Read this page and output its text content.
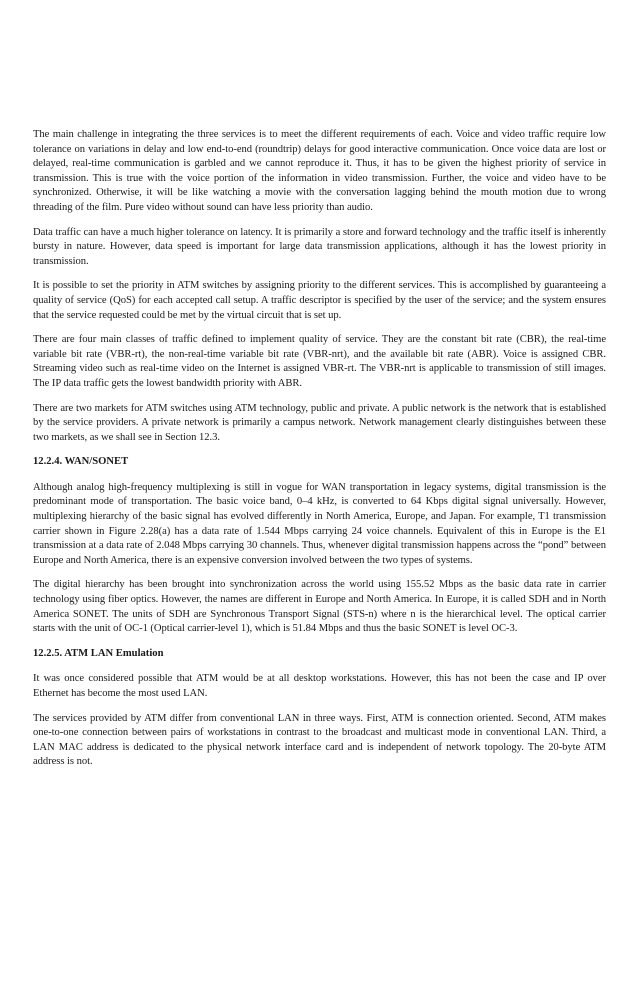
The main challenge in integrating the three services is to meet the different requirements of each. Voice and video traffic require low tolerance on variations in delay and low end-to-end (roundtrip) delays for good interactive communication. Once voice data are lost or delayed, real-time communication is garbled and we cannot reproduce it. Thus, it has to be given the highest priority of service in transmission. This is true with the voice portion of the information in video transmission. Further, the voice and video have to be synchronized. Otherwise, it will be like watching a movie with the conversation lagging behind the mouth motion due to wrong threading of the film. Pure video without sound can have less priority than audio.

Data traffic can have a much higher tolerance on latency. It is primarily a store and forward technology and the traffic itself is inherently bursty in nature. However, data speed is important for large data transmission applications, although it has the lowest priority in transmission.

It is possible to set the priority in ATM switches by assigning priority to the different services. This is accomplished by guaranteeing a quality of service (QoS) for each accepted call setup. A traffic descriptor is specified by the user of the service; and the system ensures that the service requested could be met by the virtual circuit that is set up.

There are four main classes of traffic defined to implement quality of service. They are the constant bit rate (CBR), the real-time variable bit rate (VBR-rt), the non-real-time variable bit rate (VBR-nrt), and the available bit rate (ABR). Voice is assigned CBR. Streaming video such as real-time video on the Internet is assigned VBR-rt. The VBR-nrt is applicable to transmission of still images. The IP data traffic gets the lowest bandwidth priority with ABR.

There are two markets for ATM switches using ATM technology, public and private. A public network is the network that is established by the service providers. A private network is primarily a campus network. Network management clearly distinguishes between these two markets, as we shall see in Section 12.3.

12.2.4. WAN/SONET

Although analog high-frequency multiplexing is still in vogue for WAN transportation in legacy systems, digital transmission is the predominant mode of transportation. The basic voice band, 0–4 kHz, is converted to 64 Kbps digital signal universally. However, multiplexing hierarchy of the basic signal has evolved differently in North America, Europe, and Japan. For example, T1 transmission carrier shown in Figure 2.28(a) has a data rate of 1.544 Mbps carrying 24 voice channels. Equivalent of this in Europe is the E1 transmission at a data rate of 2.048 Mbps carrying 30 channels. Thus, whenever digital transmission happens across the “pond” between Europe and North America, there is an expensive conversion involved between the two types of systems.

The digital hierarchy has been brought into synchronization across the world using 155.52 Mbps as the basic data rate in carrier technology using fiber optics. However, the names are different in Europe and North America. In Europe, it is called SDH and in North America SONET. The units of SDH are Synchronous Transport Signal (STS-n) where n is the hierarchical level. The optical carrier starts with the unit of OC-1 (Optical carrier-level 1), which is 51.84 Mbps and thus the basic SONET is level OC-3.

12.2.5. ATM LAN Emulation

It was once considered possible that ATM would be at all desktop workstations. However, this has not been the case and IP over Ethernet has become the most used LAN.

The services provided by ATM differ from conventional LAN in three ways. First, ATM is connection oriented. Second, ATM makes one-to-one connection between pairs of workstations in contrast to the broadcast and multicast mode in conventional LAN. Third, a LAN MAC address is dedicated to the physical network interface card and is independent of network topology. The 20-byte ATM address is not.
